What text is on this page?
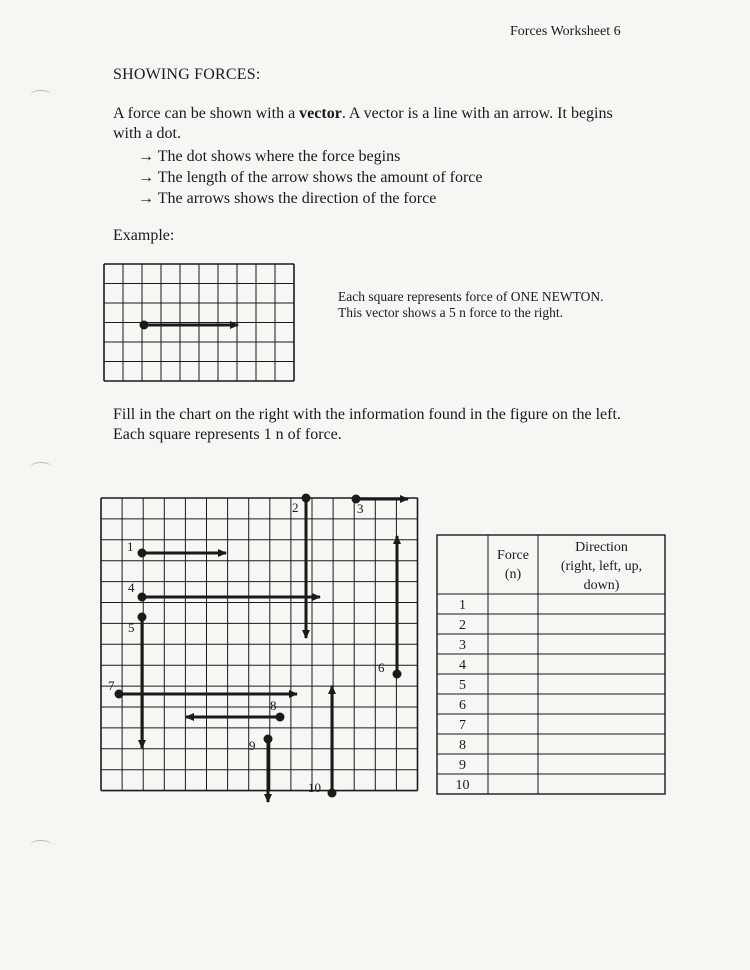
Forces Worksheet 6
SHOWING FORCES:
A force can be shown with a vector. A vector is a line with an arrow. It begins with a dot.
→ The dot shows where the force begins
→ The length of the arrow shows the amount of force
→ The arrows shows the direction of the force
Example:
Each square represents force of ONE NEWTON.
This vector shows a 5 n force to the right.
Fill in the chart on the right with the information found in the figure on the left. Each square represents 1 n of force.
1
2	3
4
5
6
7
8
9
10
Force
(n)
Direction
(right, left, up,
down)
1
2
3
4
5
6
7
8
9
10
